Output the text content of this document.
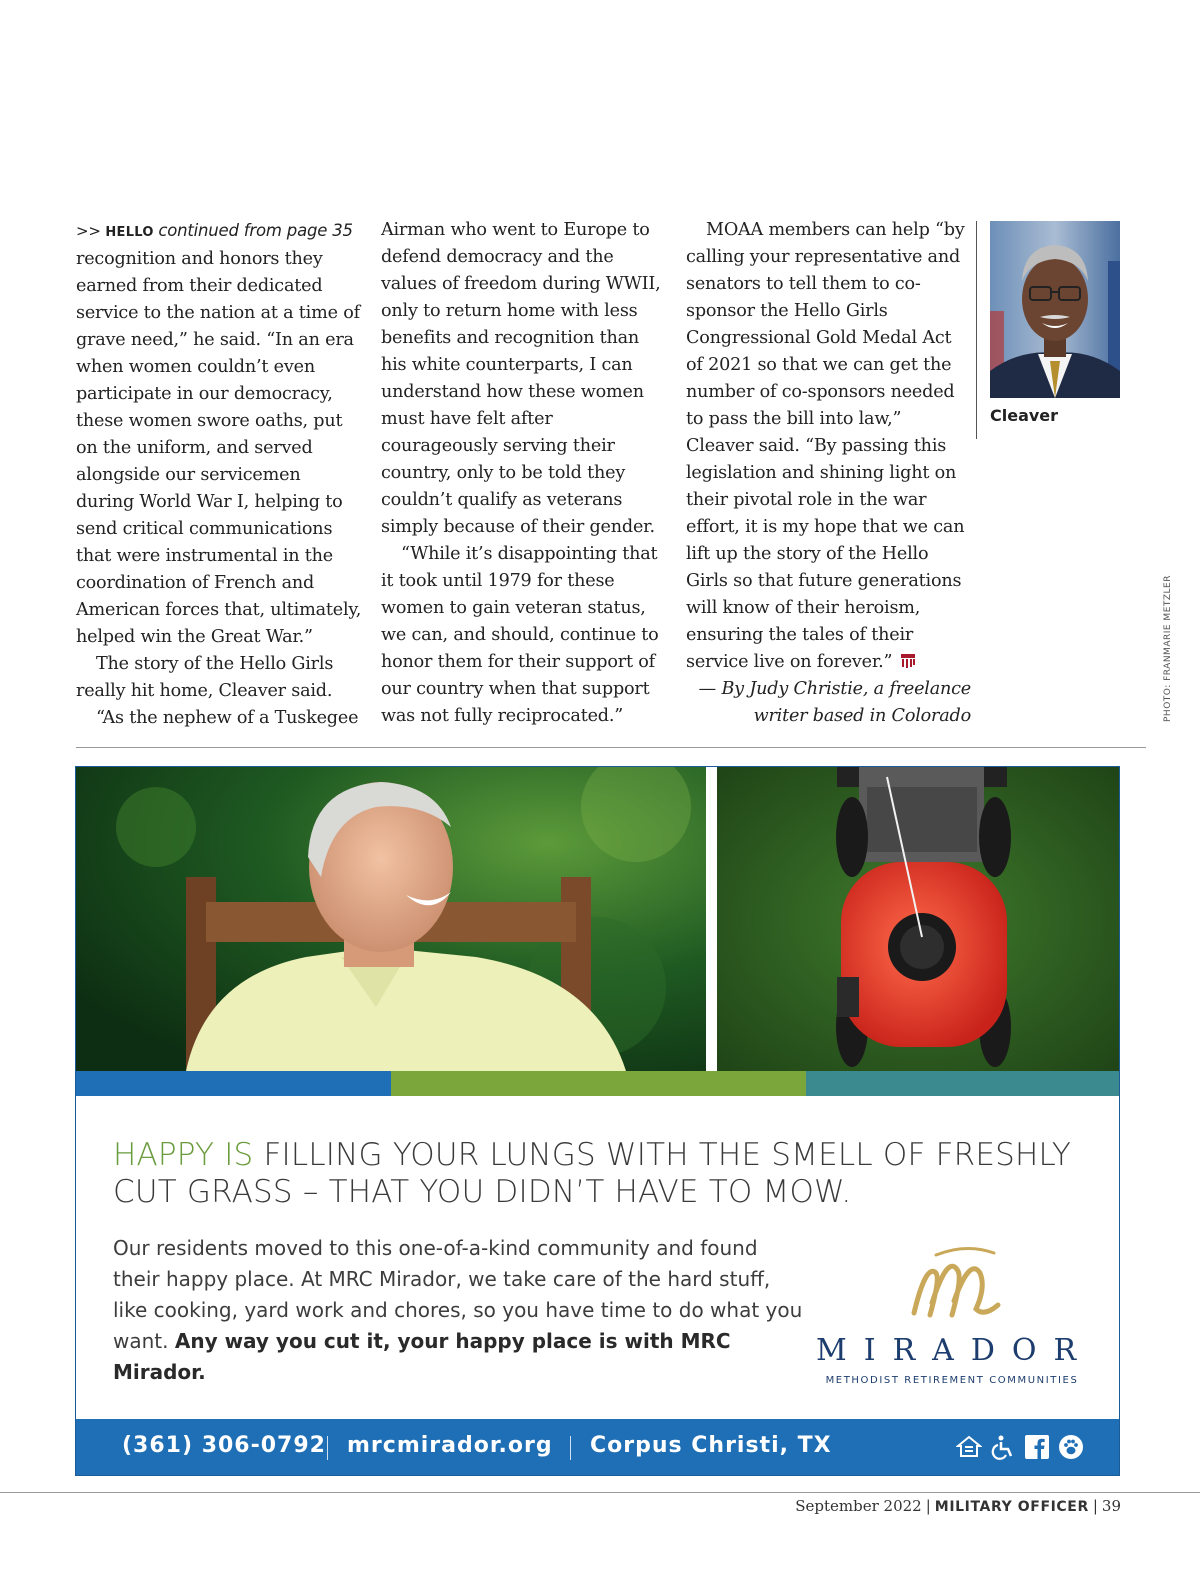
>> HELLO continued from page 35

recognition and honors they earned from their dedicated service to the nation at a time of grave need,” he said. “In an era when women couldn’t even participate in our democracy, these women swore oaths, put on the uniform, and served alongside our servicemen during World War I, helping to send critical communications that were instrumental in the coordination of French and American forces that, ultimately, helped win the Great War.”

The story of the Hello Girls really hit home, Cleaver said.

“As the nephew of a Tuskegee

Airman who went to Europe to defend democracy and the values of freedom during WWII, only to return home with less benefits and recognition than his white counterparts, I can understand how these women must have felt after courageously serving their country, only to be told they couldn’t qualify as veterans simply because of their gender.

“While it’s disappointing that it took until 1979 for these women to gain veteran status, we can, and should, continue to honor them for their support of our country when that support was not fully reciprocated.”

MOAA members can help “by calling your representative and senators to tell them to co-sponsor the Hello Girls Congressional Gold Medal Act of 2021 so that we can get the number of co-sponsors needed to pass the bill into law,” Cleaver said. “By passing this legislation and shining light on their pivotal role in the war effort, it is my hope that we can lift up the story of the Hello Girls so that future generations will know of their heroism, ensuring the tales of their service live on forever.”

— By Judy Christie, a freelance
writer based in Colorado

Cleaver
PHOTO: FRANMARIE METZLER
HAPPY IS FILLING YOUR LUNGS WITH THE SMELL OF FRESHLY CUT GRASS – THAT YOU DIDN’T HAVE TO MOW.
Our residents moved to this one-of-a-kind community and found their happy place. At MRC Mirador, we take care of the hard stuff, like cooking, yard work and chores, so you have time to do what you want. Any way you cut it, your happy place is with MRC Mirador.
MIRADOR
METHODIST RETIREMENT COMMUNITIES
(361) 306-0792 mrcmirador.org Corpus Christi, TX
September 2022 | MILITARY OFFICER | 39
